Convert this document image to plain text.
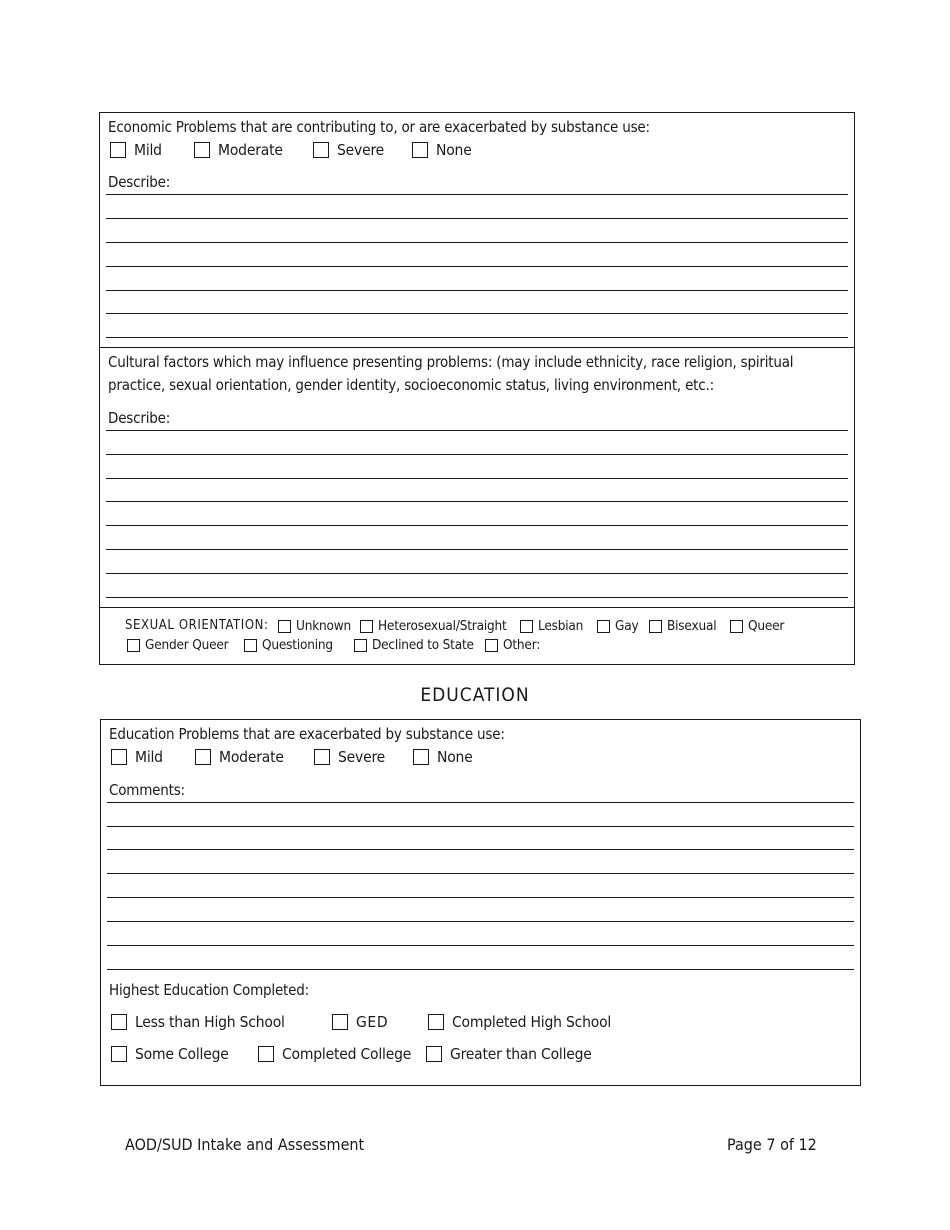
Economic Problems that are contributing to, or are exacerbated by substance use:
Mild	Moderate	Severe	None
Describe:
Cultural factors which may influence presenting problems: (may include ethnicity, race religion, spiritual
practice, sexual orientation, gender identity, socioeconomic status, living environment, etc.:
Describe:
SEXUAL ORIENTATION: Unknown Heterosexual/Straight Lesbian Gay Bisexual Queer
Gender Queer Questioning	Declined to State Other:
EDUCATION
Education Problems that are exacerbated by substance use:
Mild	Moderate	Severe	None
Comments:
Highest Education Completed:
Less than High School	GED	Completed High School
Some College	Completed College	Greater than College
AOD/SUD Intake and Assessment	Page 7 of 12
